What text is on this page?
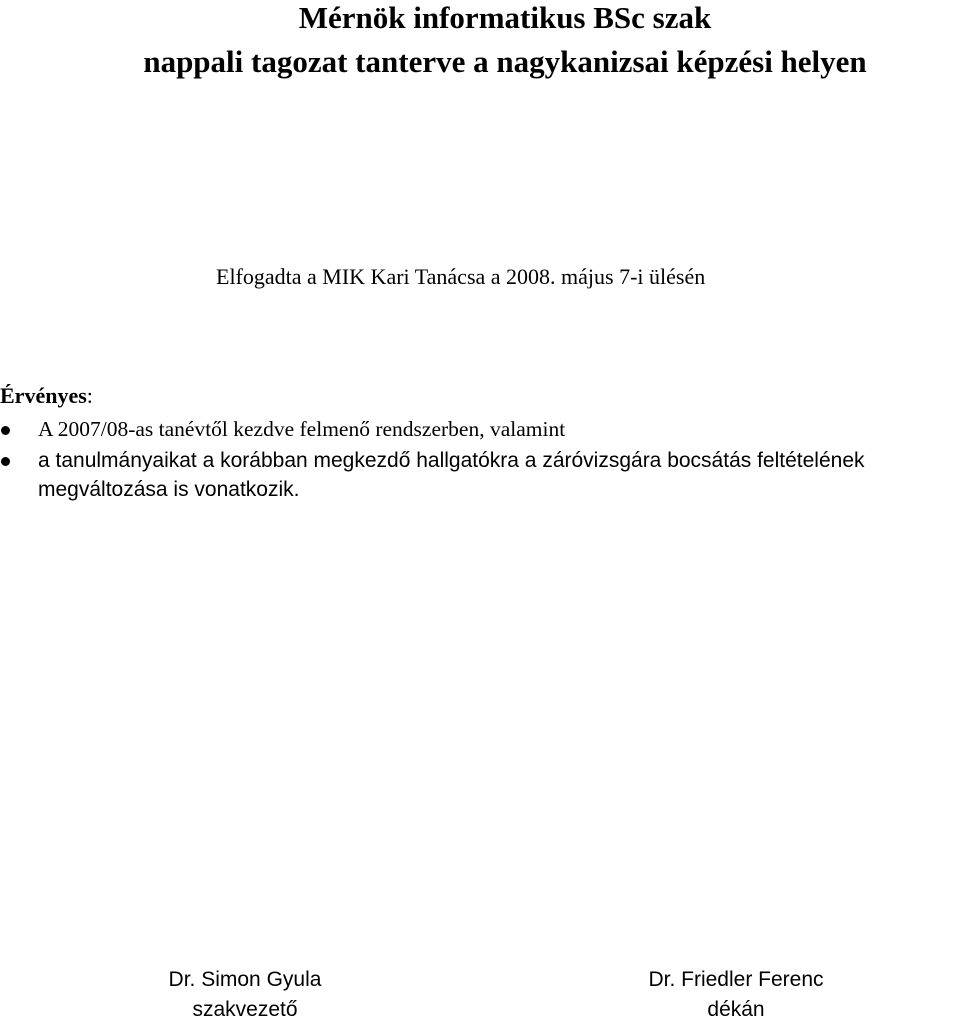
Mérnök informatikus BSc szak
nappali tagozat tanterve a nagykanizsai képzési helyen
Elfogadta a MIK Kari Tanácsa a 2008. május 7-i ülésén
Érvényes:
A 2007/08-as tanévtől kezdve felmenő rendszerben, valamint
a tanulmányaikat a korábban megkezdő hallgatókra a záróvizsgára bocsátás feltételének megváltozása is vonatkozik.
Dr. Simon Gyula
szakvezető
Dr. Friedler Ferenc
dékán
